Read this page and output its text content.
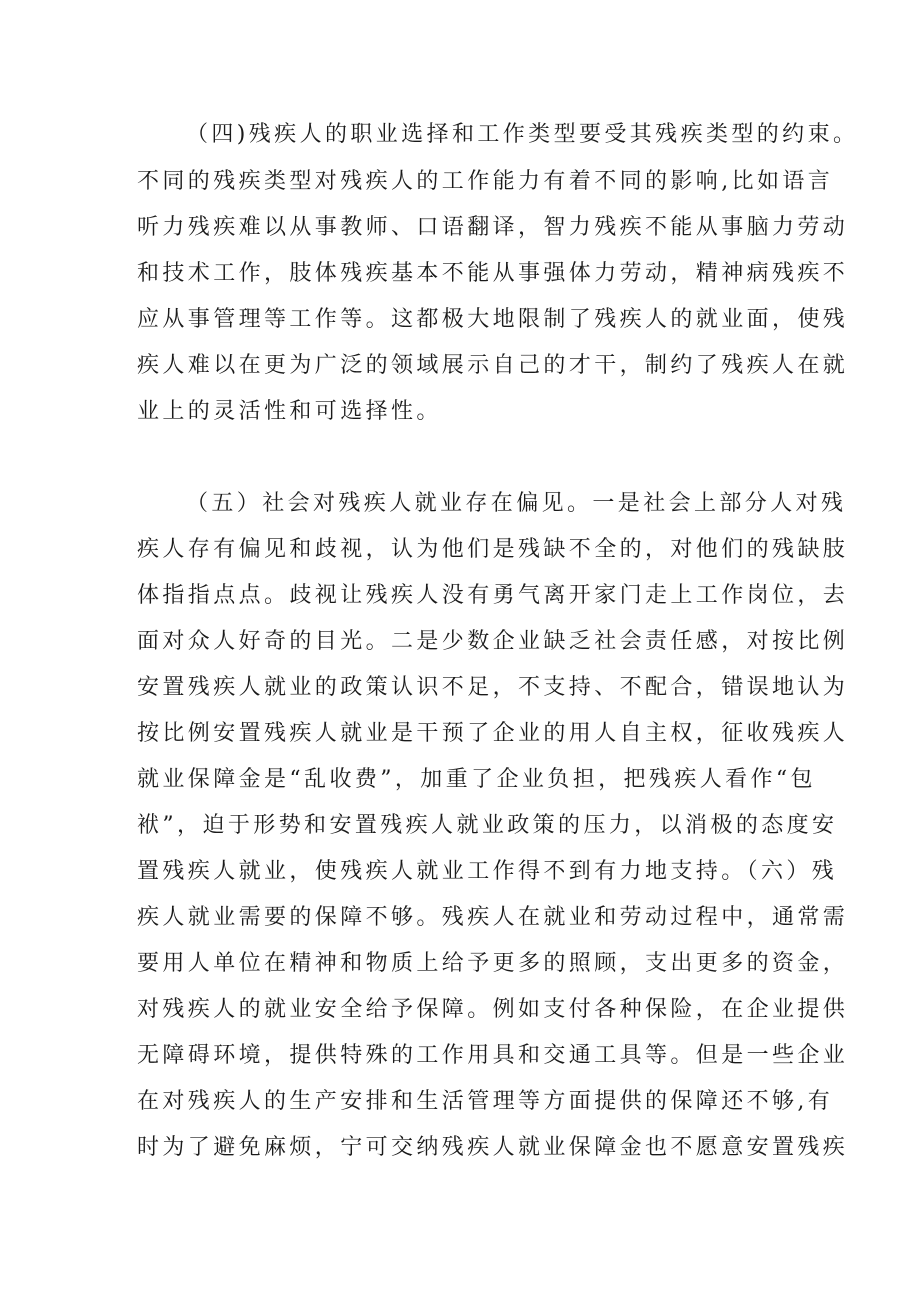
（四)残疾人的职业选择和工作类型要受其残疾类型的约束。
不同的残疾类型对残疾人的工作能力有着不同的影响,比如语言
听力残疾难以从事教师、口语翻译，智力残疾不能从事脑力劳动
和技术工作，肢体残疾基本不能从事强体力劳动，精神病残疾不
应从事管理等工作等。这都极大地限制了残疾人的就业面，使残
疾人难以在更为广泛的领域展示自己的才干，制约了残疾人在就
业上的灵活性和可选择性。
（五）社会对残疾人就业存在偏见。一是社会上部分人对残
疾人存有偏见和歧视，认为他们是残缺不全的，对他们的残缺肢
体指指点点。歧视让残疾人没有勇气离开家门走上工作岗位，去
面对众人好奇的目光。二是少数企业缺乏社会责任感，对按比例
安置残疾人就业的政策认识不足，不支持、不配合，错误地认为
按比例安置残疾人就业是干预了企业的用人自主权，征收残疾人
就业保障金是“乱收费”，加重了企业负担，把残疾人看作“包
袱”，迫于形势和安置残疾人就业政策的压力，以消极的态度安
置残疾人就业，使残疾人就业工作得不到有力地支持。（六）残
疾人就业需要的保障不够。残疾人在就业和劳动过程中，通常需
要用人单位在精神和物质上给予更多的照顾，支出更多的资金，
对残疾人的就业安全给予保障。例如支付各种保险，在企业提供
无障碍环境，提供特殊的工作用具和交通工具等。但是一些企业
在对残疾人的生产安排和生活管理等方面提供的保障还不够,有
时为了避免麻烦，宁可交纳残疾人就业保障金也不愿意安置残疾
